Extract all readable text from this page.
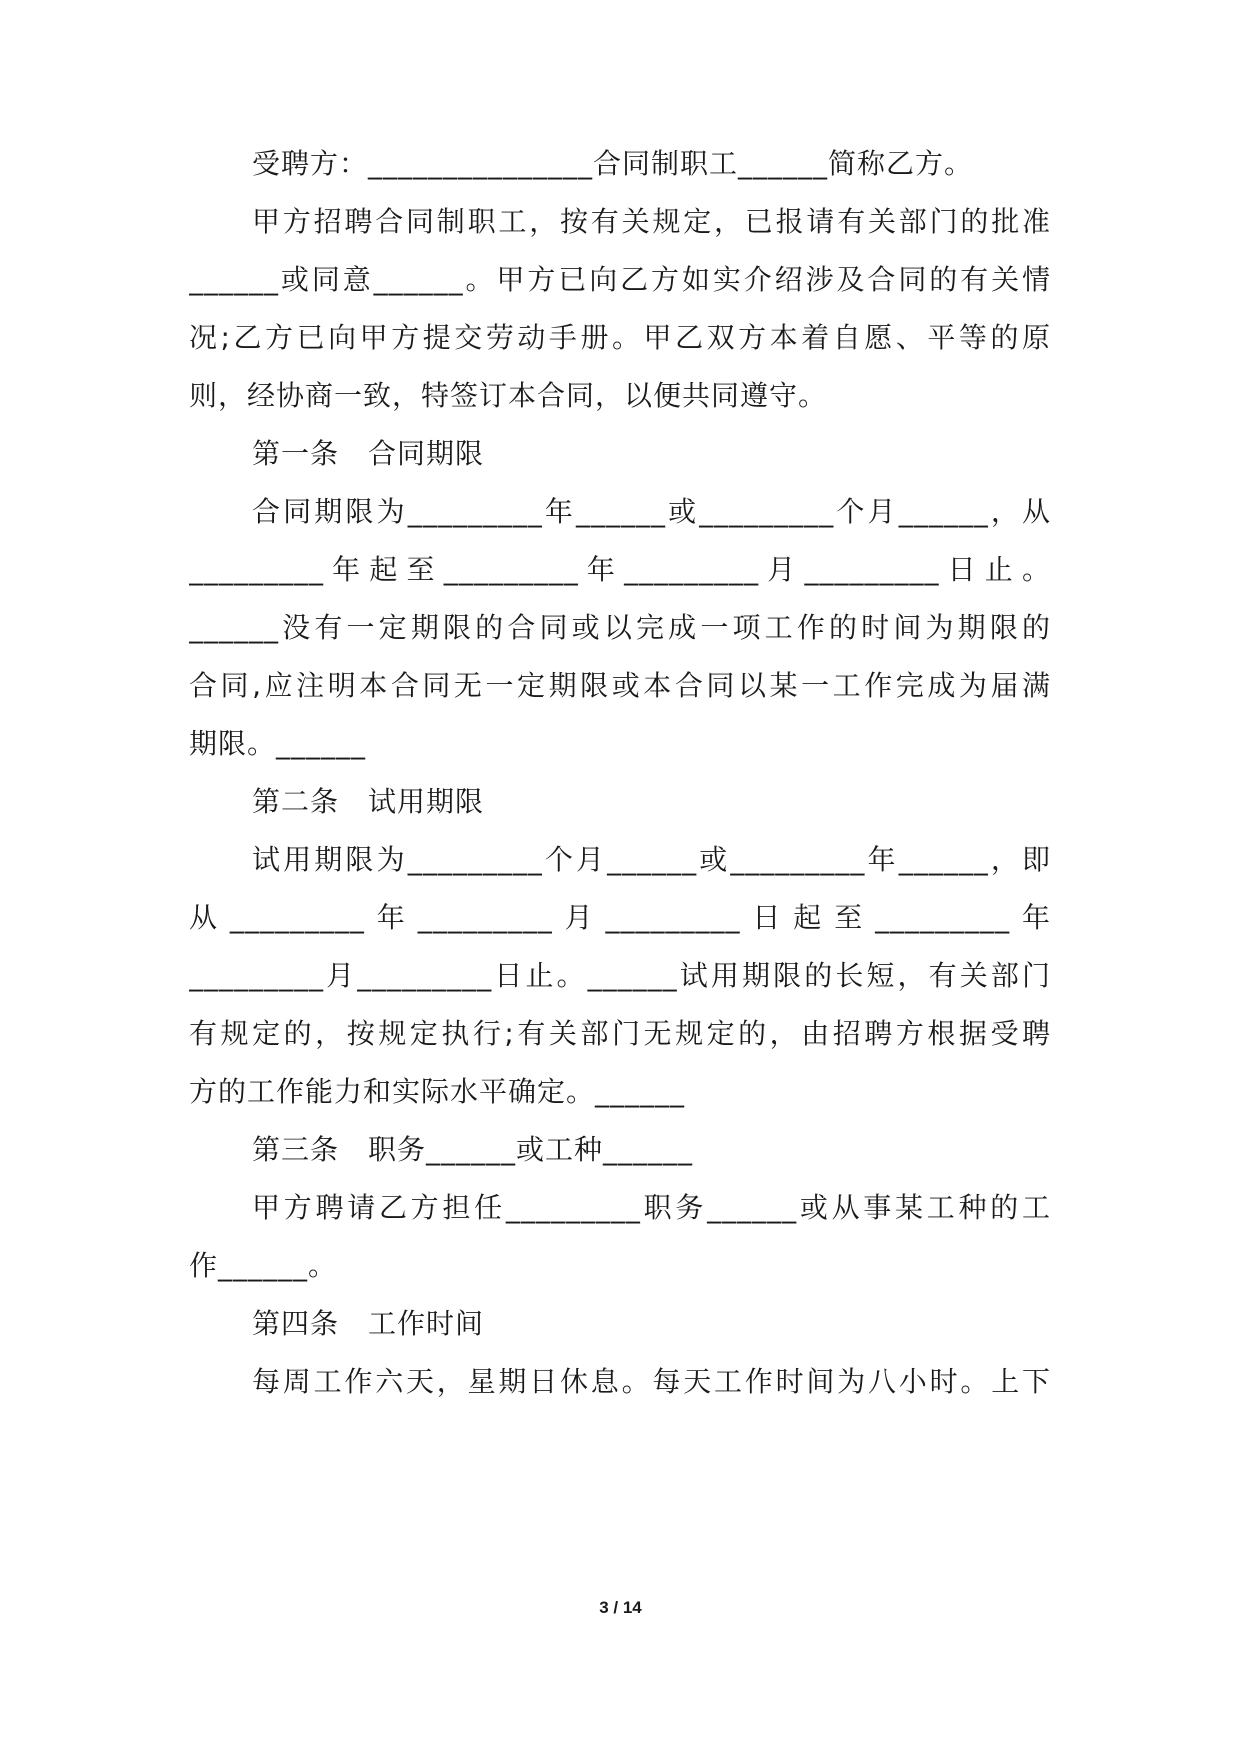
受聘方：_______________合同制职工______简称乙方。
甲方招聘合同制职工，按有关规定，已报请有关部门的批准
______或同意______。甲方已向乙方如实介绍涉及合同的有关情
况;乙方已向甲方提交劳动手册。甲乙双方本着自愿、平等的原
则，经协商一致，特签订本合同，以便共同遵守。
第一条　合同期限
合同期限为_________年______或_________个月______，从
_________年起至_________年_________月_________日止。
______没有一定期限的合同或以完成一项工作的时间为期限的
合同,应注明本合同无一定期限或本合同以某一工作完成为届满
期限。______
第二条　试用期限
试用期限为_________个月______或_________年______，即
从_________年_________月_________日起至_________年
_________月_________日止。______试用期限的长短，有关部门
有规定的，按规定执行;有关部门无规定的，由招聘方根据受聘
方的工作能力和实际水平确定。______
第三条　职务______或工种______
甲方聘请乙方担任_________职务______或从事某工种的工
作______。
第四条　工作时间
每周工作六天，星期日休息。每天工作时间为八小时。上下
3 / 14
